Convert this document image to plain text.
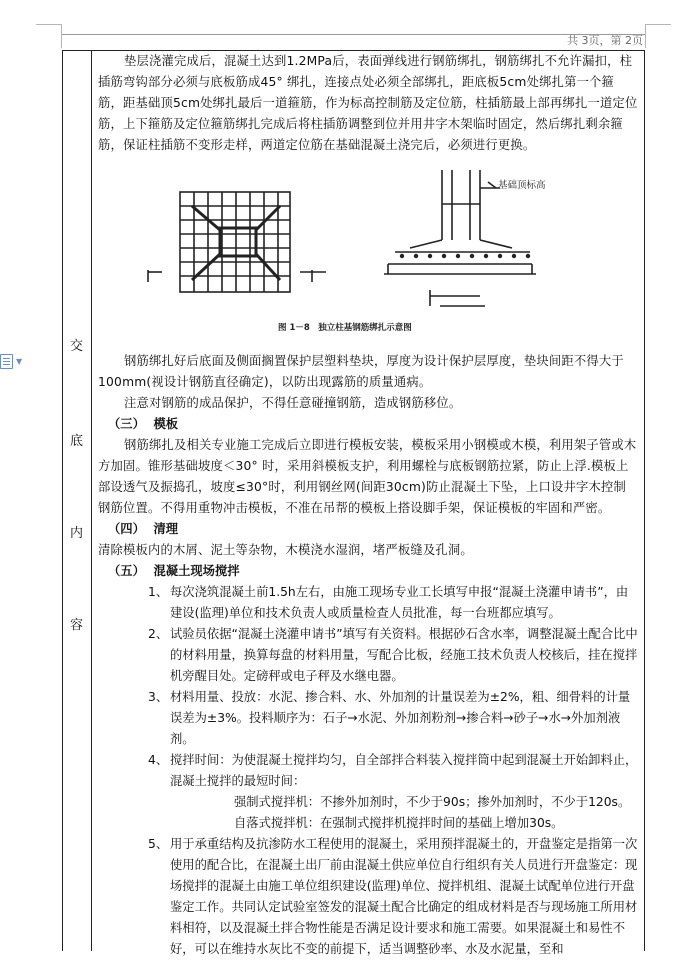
共 3页，第 2页
▼
交
底
内
容

垫层浇灌完成后，混凝土达到1.2MPa后，表面弹线进行钢筋绑扎，钢筋绑扎不允许漏扣，柱插筋弯钩部分必须与底板筋成45° 绑扎，连接点处必须全部绑扎，距底板5cm处绑扎第一个箍筋，距基础顶5cm处绑扎最后一道箍筋，作为标高控制筋及定位筋，柱插筋最上部再绑扎一道定位筋，上下箍筋及定位箍筋绑扎完成后将柱插筋调整到位并用井字木架临时固定，然后绑扎剩余箍筋，保证柱插筋不变形走样，两道定位筋在基础混凝土浇完后，必须进行更换。

基础顶标高
图 1－8　独立柱基钢筋绑扎示意图

钢筋绑扎好后底面及侧面搁置保护层塑料垫块，厚度为设计保护层厚度，垫块间距不得大于100mm(视设计钢筋直径确定)，以防出现露筋的质量通病。

注意对钢筋的成品保护，不得任意碰撞钢筋，造成钢筋移位。

（三） 模板

钢筋绑扎及相关专业施工完成后立即进行模板安装，模板采用小钢模或木模，利用架子管或木方加固。锥形基础坡度＜30° 时，采用斜模板支护，利用螺栓与底板钢筋拉紧，防止上浮.模板上部设透气及振捣孔，坡度≤30°时，利用钢丝网(间距30cm)防止混凝土下坠，上口设井字木控制钢筋位置。不得用重物冲击模板，不准在吊帮的模板上搭设脚手架，保证模板的牢固和严密。

（四） 清理

清除模板内的木屑、泥土等杂物，木模浇水湿润，堵严板缝及孔洞。

（五） 混凝土现场搅拌
1、 每次浇筑混凝土前1.5h左右，由施工现场专业工长填写申报“混凝土浇灌申请书”，由建设(监理)单位和技术负责人或质量检查人员批准，每一台班都应填写。
2、 试验员依据“混凝土浇灌申请书”填写有关资料。根据砂石含水率，调整混凝土配合比中的材料用量，换算每盘的材料用量，写配合比板，经施工技术负责人校核后，挂在搅拌机旁醒目处。定磅秤或电子秤及水继电器。
3、 材料用量、投放：水泥、掺合料、水、外加剂的计量误差为±2%，粗、细骨料的计量误差为±3%。投料顺序为：石子→水泥、外加剂粉剂→掺合料→砂子→水→外加剂液剂。
4、 搅拌时间：为使混凝土搅拌均匀，自全部拌合料装入搅拌筒中起到混凝土开始卸料止，混凝土搅拌的最短时间：
强制式搅拌机：不掺外加剂时，不少于90s；掺外加剂时，不少于120s。
自落式搅拌机：在强制式搅拌机搅拌时间的基础上增加30s。
5、 用于承重结构及抗渗防水工程使用的混凝土，采用预拌混凝土的，开盘鉴定是指第一次使用的配合比，在混凝土出厂前由混凝土供应单位自行组织有关人员进行开盘鉴定：现场搅拌的混凝土由施工单位组织建设(监理)单位、搅拌机组、混凝土试配单位进行开盘鉴定工作。共同认定试验室签发的混凝土配合比确定的组成材料是否与现场施工所用材料相符，以及混凝土拌合物性能是否满足设计要求和施工需要。如果混凝土和易性不好，可以在维持水灰比不变的前提下，适当调整砂率、水及水泥量，至和
